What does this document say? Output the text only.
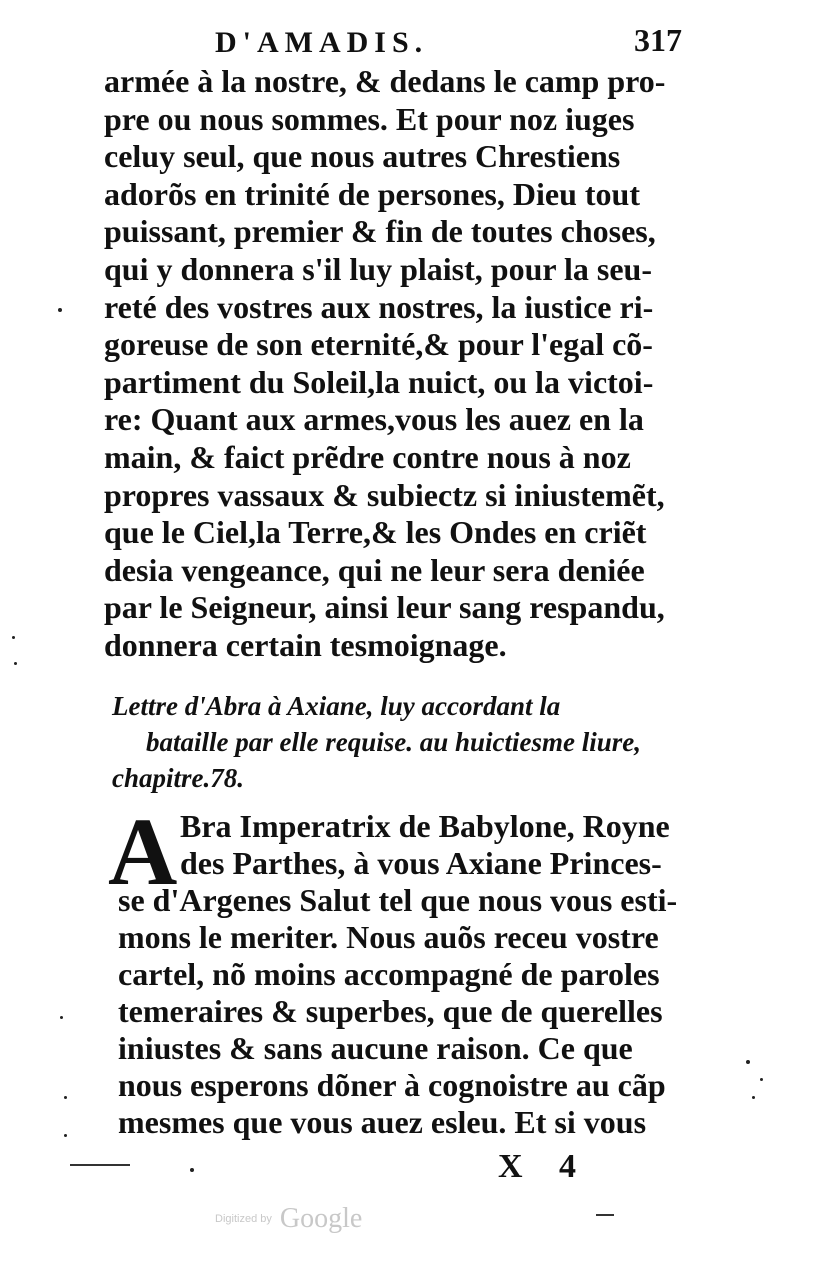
D'AMADIS.	317
armée à la nostre, & dedans le camp pro-
pre ou nous sommes. Et pour noz iuges
celuy seul, que nous autres Chrestiens
adorõs en trinité de persones, Dieu tout
puissant, premier & fin de toutes choses,
qui y donnera s'il luy plaist, pour la seu-
reté des vostres aux nostres, la iustice ri-
goreuse de son eternité,& pour l'egal cõ-
partiment du Soleil,la nuict, ou la victoi-
re: Quant aux armes,vous les auez en la
main, & faict prẽdre contre nous à noz
propres vassaux & subiectz si iniustemẽt,
que le Ciel,la Terre,& les Ondes en criẽt
desia vengeance, qui ne leur sera deniée
par le Seigneur, ainsi leur sang respandu,
donnera certain tesmoignage.
Lettre d'Abra à Axiane, luy accordant la
bataille par elle requise. au huictiesme liure,
chapitre.78.
A Bra Imperatrix de Babylone, Royne
des Parthes, à vous Axiane Princes-
se d'Argenes Salut tel que nous vous esti-
mons le meriter. Nous auõs receu vostre
cartel, nõ moins accompagné de paroles
temeraires & superbes, que de querelles
iniustes & sans aucune raison. Ce que
nous esperons dõner à cognoistre au cãp
mesmes que vous auez esleu. Et si vous
X 4
Digitized by Google
